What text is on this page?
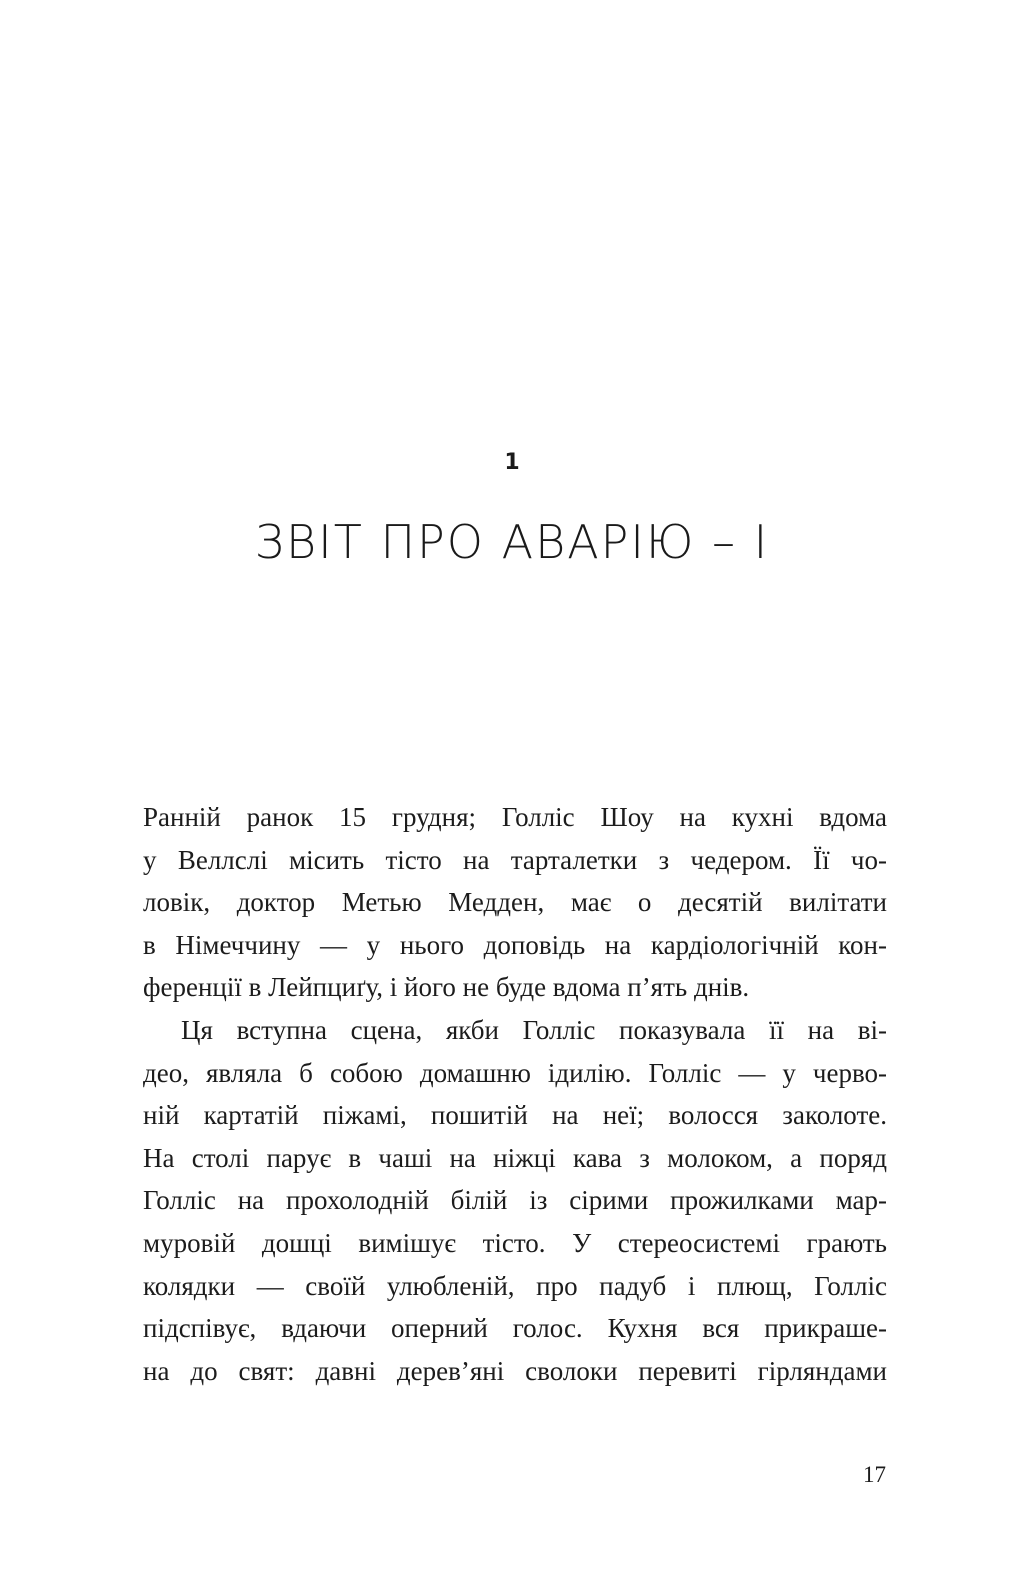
1
ЗВІТ ПРО АВАРІЮ – І
Ранній ранок 15 грудня; Голліс Шоу на кухні вдома
у Веллслі місить тісто на тарталетки з чедером. Її чо-
ловік, доктор Метью Медден, має о десятій вилітати
в Німеччину — у нього доповідь на кардіологічній кон-
ференції в Лейпциґу, і його не буде вдома п’ять днів.
Ця вступна сцена, якби Голліс показувала її на ві-
део, являла б собою домашню ідилію. Голліс — у черво-
ній картатій піжамі, пошитій на неї; волосся заколоте.
На столі парує в чаші на ніжці кава з молоком, а поряд
Голліс на прохолодній білій із сірими прожилками мар-
муровій дошці вимішує тісто. У стереосистемі грають
колядки — своїй улюбленій, про падуб і плющ, Голліс
підспівує, вдаючи оперний голос. Кухня вся прикраше-
на до свят: давні дерев’яні сволоки перевиті гірляндами
17
